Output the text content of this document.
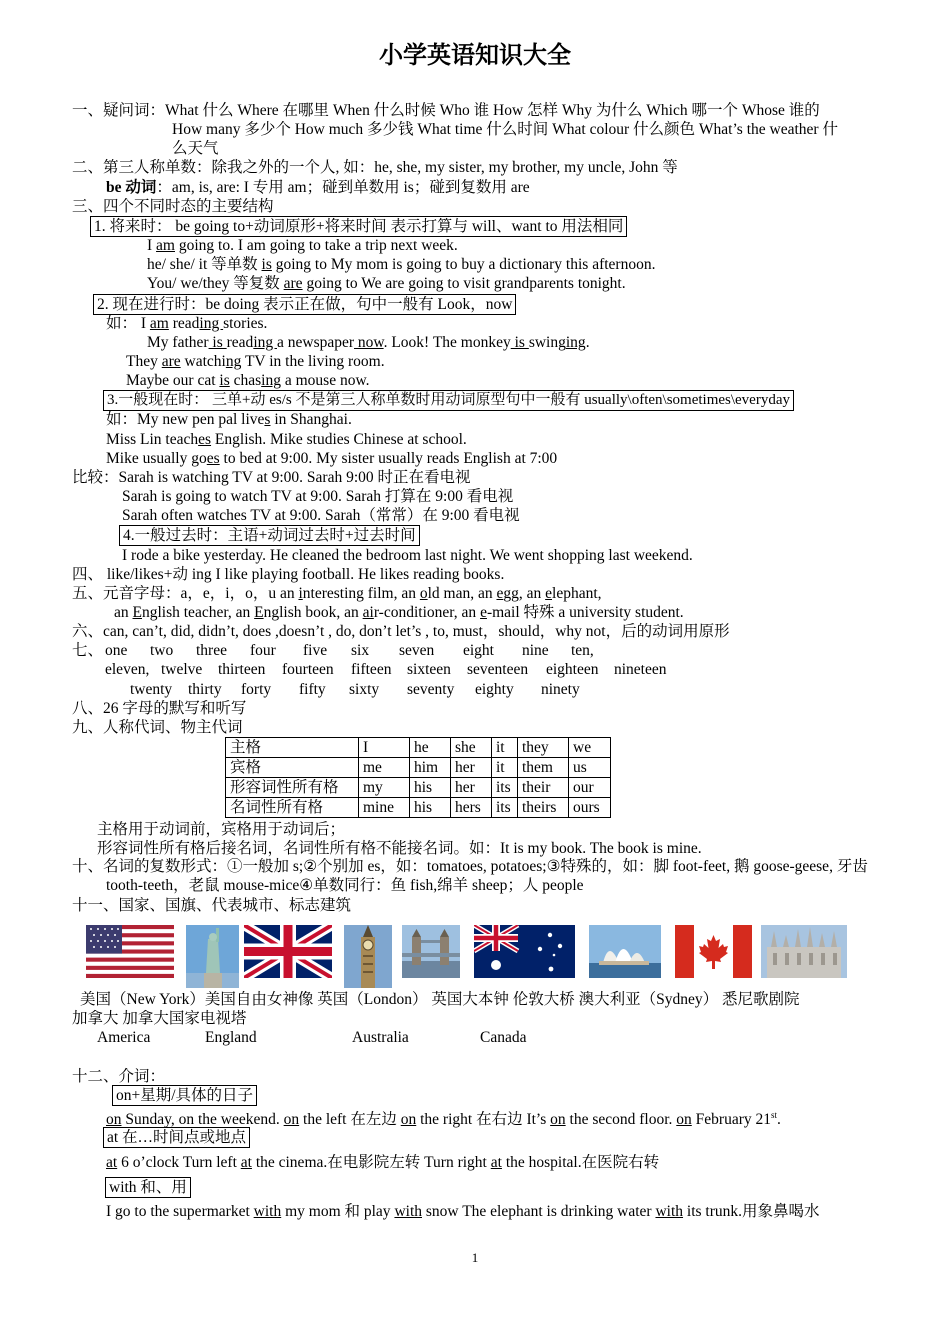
小学英语知识大全
一、疑问词：What 什么 Where 在哪里 When 什么时候 Who 谁 How 怎样 Why 为什么 Which 哪一个 Whose 谁的
How many 多少个 How much 多少钱 What time 什么时间 What colour 什么颜色 What’s the weather 什
么天气
二、第三人称单数：除我之外的一个人, 如：he, she, my sister, my brother, my uncle, John 等
be 动词：am, is, are: I 专用 am；碰到单数用 is；碰到复数用 are
三、四个不同时态的主要结构
1. 将来时： be going to+动词原形+将来时间 表示打算与 will、want to 用法相同
I am going to. I am going to take a trip next week.
he/ she/ it 等单数 is going to My mom is going to buy a dictionary this afternoon.
You/ we/they 等复数 are going to We are going to visit grandparents tonight.
2. 现在进行时：be doing 表示正在做，句中一般有 Look，now
如： I am reading stories.
My father is reading a newspaper now. Look! The monkey is swinging.
They are watching TV in the living room.
Maybe our cat is chasing a mouse now.
3.一般现在时： 三单+动 es/s 不是第三人称单数时用动词原型句中一般有 usually\often\sometimes\everyday
如：My new pen pal lives in Shanghai.
Miss Lin teaches English. Mike studies Chinese at school.
Mike usually goes to bed at 9:00. My sister usually reads English at 7:00
比较：Sarah is watching TV at 9:00. Sarah 9:00 时正在看电视
Sarah is going to watch TV at 9:00. Sarah 打算在 9:00 看电视
Sarah often watches TV at 9:00. Sarah（常常）在 9:00 看电视
4.一般过去时：主语+动词过去时+过去时间
I rode a bike yesterday. He cleaned the bedroom last night. We went shopping last weekend.
四、 like/likes+动 ing I like playing football. He likes reading books.
五、元音字母：a，e，i，o，u an interesting film, an old man, an egg, an elephant,
an English teacher, an English book, an air-conditioner, an e-mail 特殊 a university student.
六、can, can’t, did, didn’t, does ,doesn’t , do, don’t let’s , to, must，should，why not，后的动词用原形
七、 one two three four five six seven eight nine ten,
eleven, twelve thirteen fourteen fifteen sixteen seventeen eighteen nineteen
twenty thirty forty fifty sixty seventy eighty ninety
八、26 字母的默写和听写
九、人称代词、物主代词
主格	I	he	she	it	they	we
宾格	me	him	her	it	them	us
形容词性所有格	my	his	her	its	their	our
名词性所有格	mine	his	hers	its	theirs	ours
主格用于动词前，宾格用于动词后；
形容词性所有格后接名词，名词性所有格不能接名词。如：It is my book. The book is mine.
十、名词的复数形式：①一般加 s;②个别加 es，如：tomatoes, potatoes;③特殊的，如：脚 foot-feet, 鹅 goose-geese, 牙齿
tooth-teeth，老鼠 mouse-mice④单数同行：鱼 fish,绵羊 sheep；人 people
十一、国家、国旗、代表城市、标志建筑
美国（New York）美国自由女神像 英国（London） 英国大本钟 伦敦大桥 澳大利亚（Sydney） 悉尼歌剧院
加拿大 加拿大国家电视塔
America	England	Australia	Canada
十二、介词：
on+星期/具体的日子
on Sunday, on the weekend. on the left 在左边 on the right 在右边 It’s on the second floor. on February 21st.
at 在…时间点或地点
at 6 o’clock Turn left at the cinema.在电影院左转 Turn right at the hospital.在医院右转
with 和、用
I go to the supermarket with my mom 和 play with snow The elephant is drinking water with its trunk.用象鼻喝水
1
